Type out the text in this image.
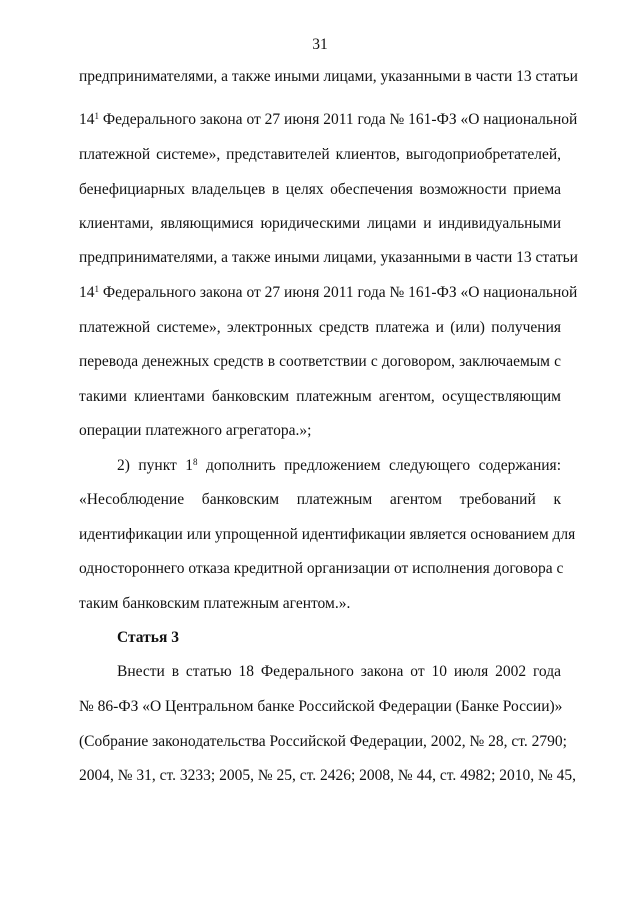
31
предпринимателями, а также иными лицами, указанными в части 13 статьи
$14^1$ Федерального закона от 27 июня 2011 года № 161-ФЗ «О национальной
платежной системе», представителей клиентов, выгодоприобретателей,
бенефициарных владельцев в целях обеспечения возможности приема
клиентами, являющимися юридическими лицами и индивидуальными
предпринимателями, а также иными лицами, указанными в части 13 статьи
$14^1$ Федерального закона от 27 июня 2011 года № 161-ФЗ «О национальной
платежной системе», электронных средств платежа и (или) получения
перевода денежных средств в соответствии с договором, заключаемым с
такими клиентами банковским платежным агентом, осуществляющим
операции платежного агрегатора.»;
2) пункт $1^8$ дополнить предложением следующего содержания:
«Несоблюдение банковским платежным агентом требований к
идентификации или упрощенной идентификации является основанием для
одностороннего отказа кредитной организации от исполнения договора с
таким банковским платежным агентом.».
Статья 3
Внести в статью 18 Федерального закона от 10 июля 2002 года
№ 86-ФЗ «О Центральном банке Российской Федерации (Банке России)»
(Собрание законодательства Российской Федерации, 2002, № 28, ст. 2790;
2004, № 31, ст. 3233; 2005, № 25, ст. 2426; 2008, № 44, ст. 4982; 2010, № 45,
